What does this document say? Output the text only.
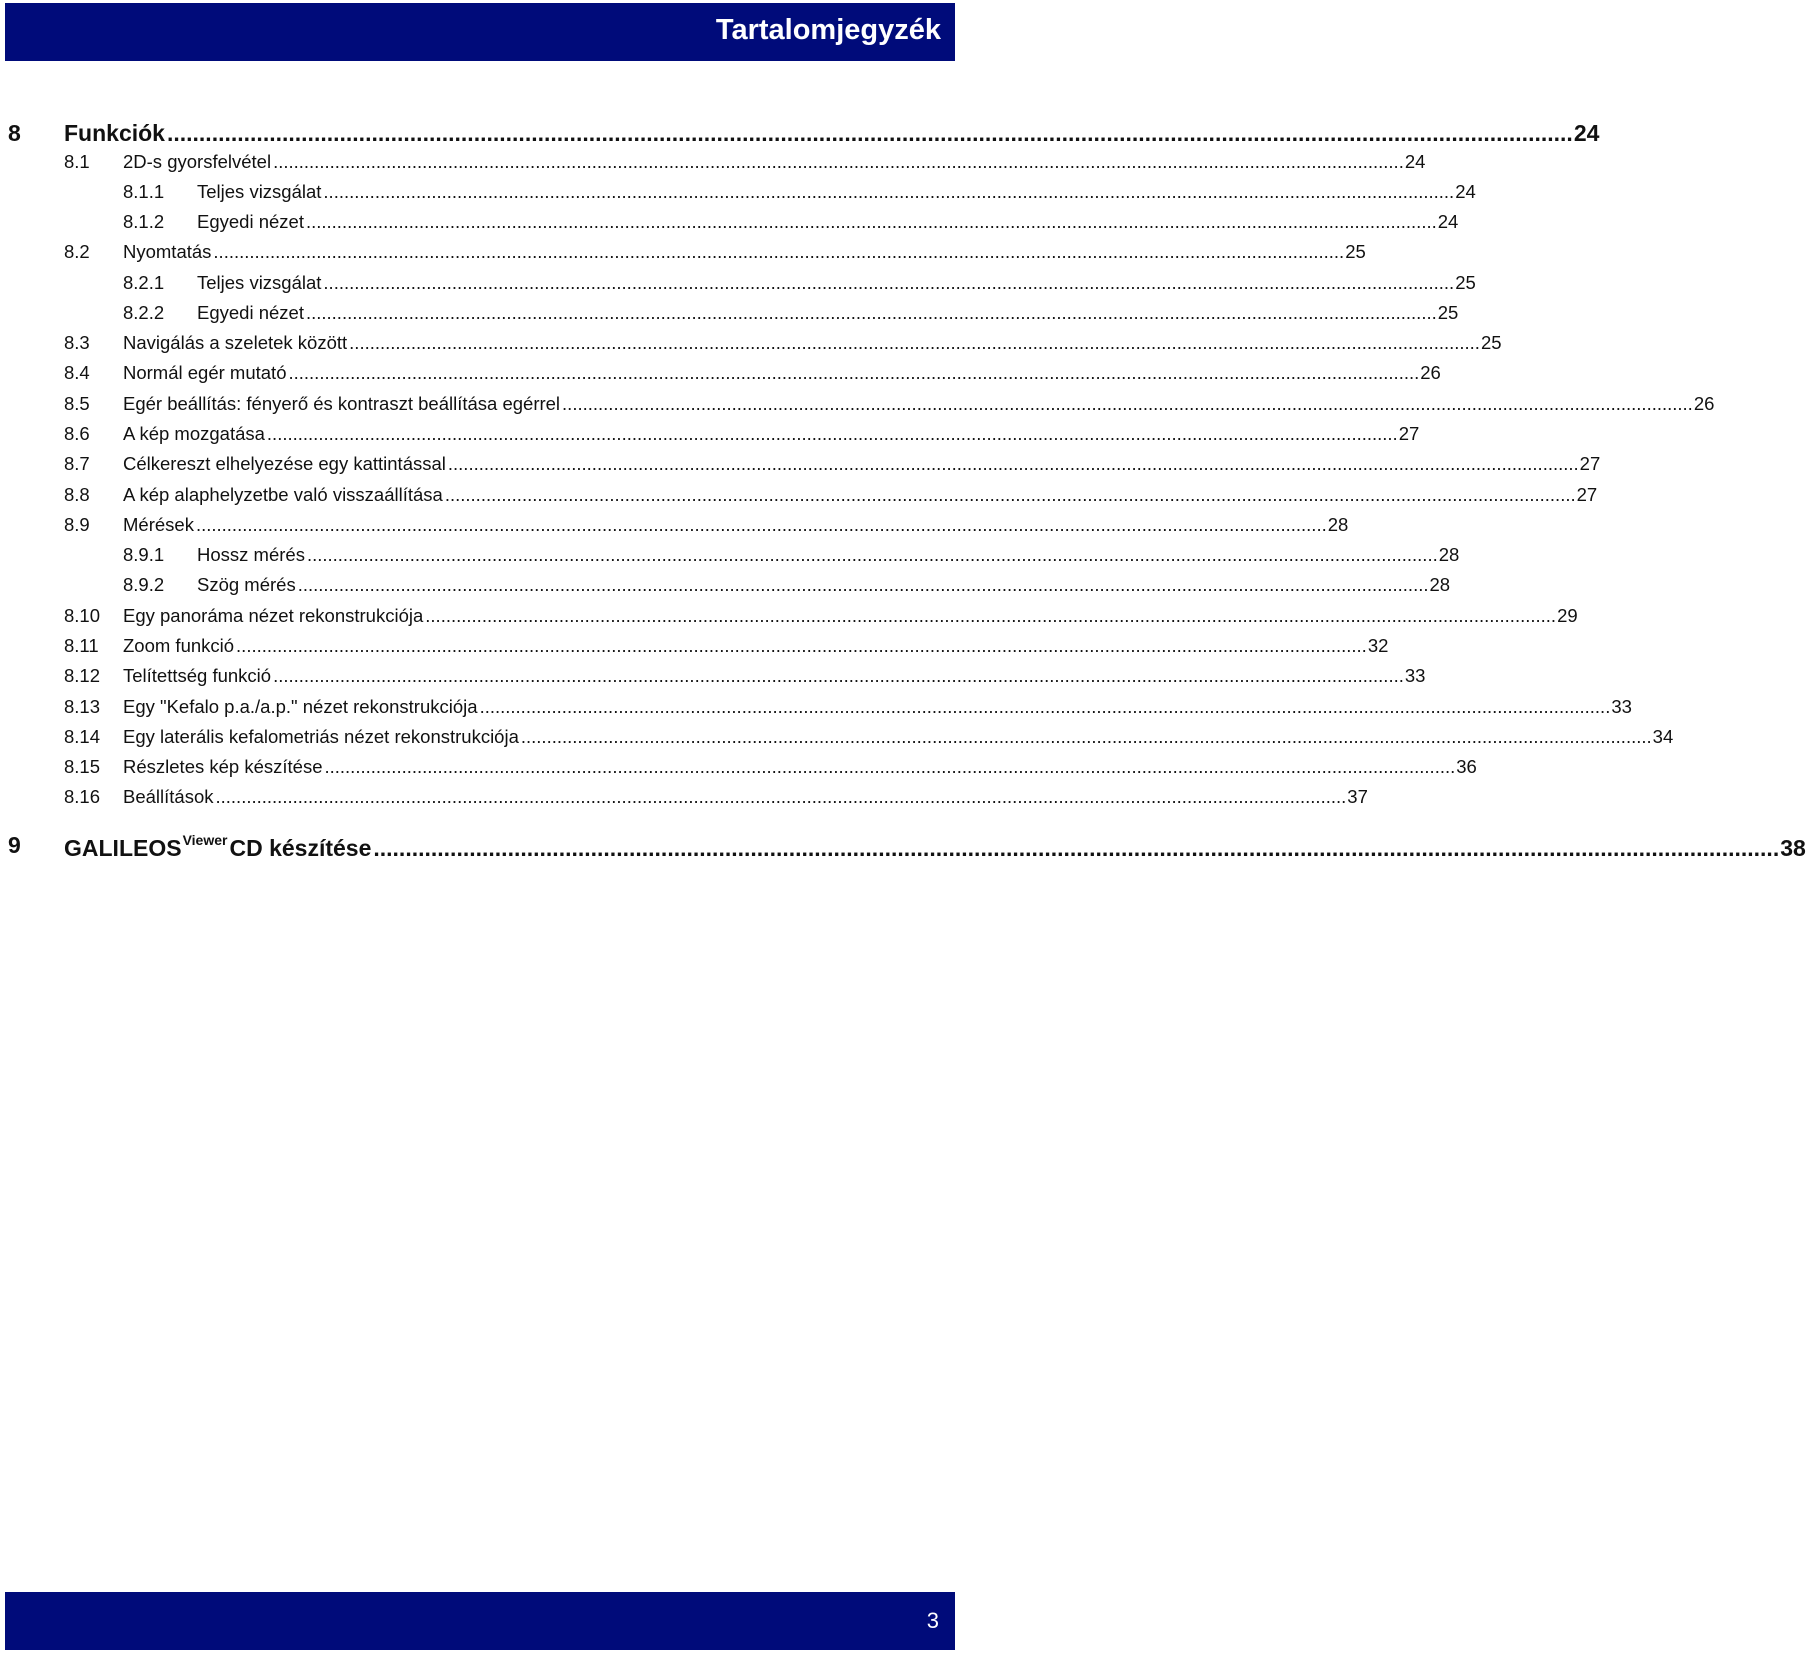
Tartalomjegyzék
8 Funkciók ............................................................................................................................................................................................................................ 24
8.1 2D-s gyorsfelvétel ............................................................................................................................................................................................................................ 24
8.1.1 Teljes vizsgálat ............................................................................................................................................................................................................................ 24
8.1.2 Egyedi nézet ............................................................................................................................................................................................................................ 24
8.2 Nyomtatás ............................................................................................................................................................................................................................ 25
8.2.1 Teljes vizsgálat ............................................................................................................................................................................................................................ 25
8.2.2 Egyedi nézet ............................................................................................................................................................................................................................ 25
8.3 Navigálás a szeletek között ............................................................................................................................................................................................................................ 25
8.4 Normál egér mutató ............................................................................................................................................................................................................................ 26
8.5 Egér beállítás: fényerő és kontraszt beállítása egérrel ............................................................................................................................................................................................................................ 26
8.6 A kép mozgatása ............................................................................................................................................................................................................................ 27
8.7 Célkereszt elhelyezése egy kattintással ............................................................................................................................................................................................................................ 27
8.8 A kép alaphelyzetbe való visszaállítása ............................................................................................................................................................................................................................ 27
8.9 Mérések ............................................................................................................................................................................................................................ 28
8.9.1 Hossz mérés ............................................................................................................................................................................................................................ 28
8.9.2 Szög mérés ............................................................................................................................................................................................................................ 28
8.10 Egy panoráma nézet rekonstrukciója ............................................................................................................................................................................................................................ 29
8.11 Zoom funkció ............................................................................................................................................................................................................................ 32
8.12 Telítettség funkció ............................................................................................................................................................................................................................ 33
8.13 Egy "Kefalo p.a./a.p." nézet rekonstrukciója ............................................................................................................................................................................................................................ 33
8.14 Egy laterális kefalometriás nézet rekonstrukciója ............................................................................................................................................................................................................................ 34
8.15 Részletes kép készítése ............................................................................................................................................................................................................................ 36
8.16 Beállítások ............................................................................................................................................................................................................................ 37
9 $GALILEOS^{Viewer}CD$ készítése ............................................................................................................................................................................................................................ 38
3
